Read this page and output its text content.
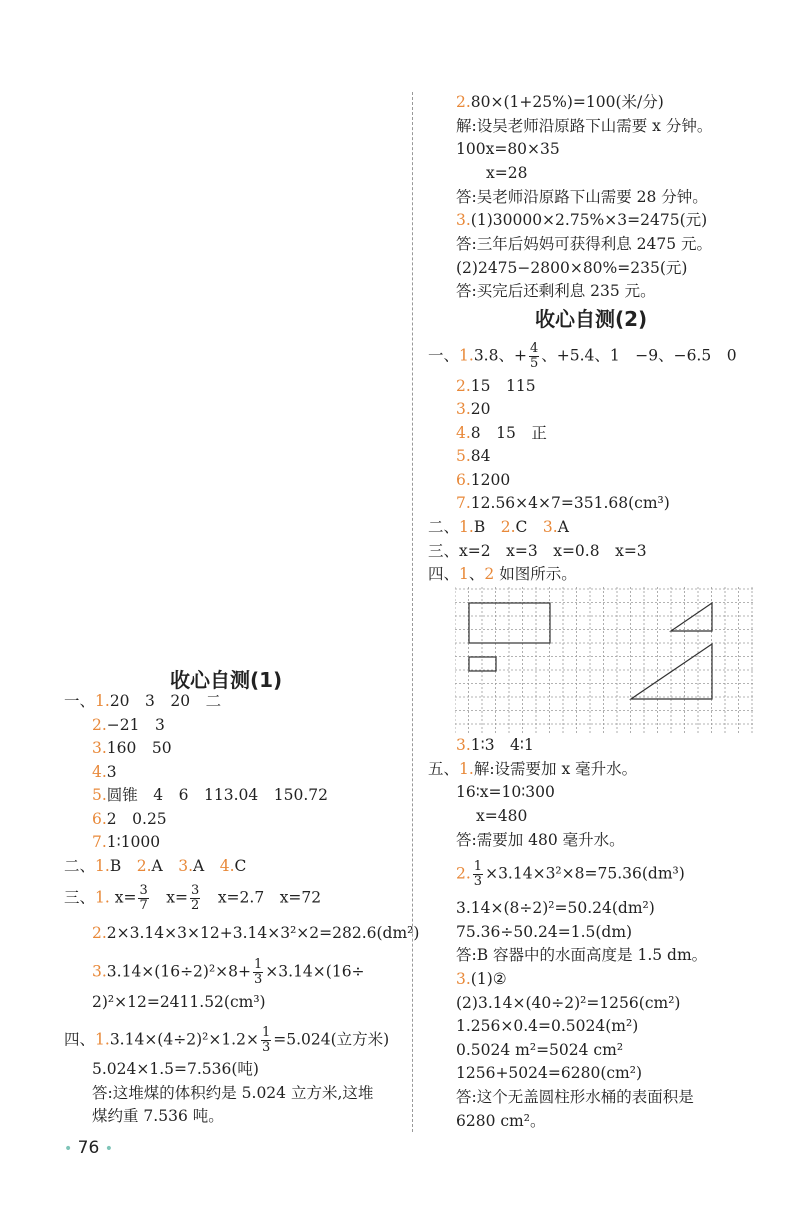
2.80×(1+25%)=100(米/分)
解:设吴老师沿原路下山需要 x 分钟。
100x=80×35
x=28
答:吴老师沿原路下山需要 28 分钟。
3.(1)30000×2.75%×3=2475(元)
答:三年后妈妈可获得利息 2475 元。
(2)2475−2800×80%=235(元)
答:买完后还剩利息 235 元。
收心自测(2)
一、1.3.8、+ $\frac{4}{5}$ 、+5.4、1　−9、−6.5　0
2.15　115
3.20
4.8　15　正
5.84
6.1200
7.12.56×4×7=351.68(cm³)
二、1.B　 2.C　 3.A
三、x=2　x=3　x=0.8　x=3
四、1、2 如图所示。
3.1∶3　4∶1
五、1.解:设需要加 x 毫升水。
16∶x=10∶300
x=480
答:需要加 480 毫升水。
2. $\frac{1}{3} \times 3.14\times 3^2\times 8=75.36(dm^3)$
3.14×(8÷2)²=50.24(dm²)
75.36÷50.24=1.5(dm)
答:B 容器中的水面高度是 1.5 dm。
3.(1)②
(2)3.14×(40÷2)²=1256(cm²)
1.256×0.4=0.5024(m²)
0.5024 m²=5024 cm²
1256+5024=6280(cm²)
答:这个无盖圆柱形水桶的表面积是
6280 cm²。
收心自测(1)
一、1.20　3　20　二
2.−21　3
3.160　50
4.3
5.圆锥　4　6　113.04　150.72
6.2　0.25
7.1∶1000
二、1.B　 2.A　 3.A　 4.C
三、1. $x= \frac{3}{7}$
　 $x= \frac{3}{2}$
　 x=2.7　x=72
2.2×3.14×3×12+3.14×3²×2=282.6(dm²)
$3.3.14\times(16\div 2)^2\times 8+ \frac{1}{3} \times 3.14\times(16\div$
2)²×12=2411.52(cm³)
四、$1.3.14\times(4\div 2)^2\times 1.2\times \frac{1}{3} =5.024$(立方米)
5.024×1.5=7.536(吨)
答:这堆煤的体积约是 5.024 立方米,这堆
煤约重 7.536 吨。
• 76 •
